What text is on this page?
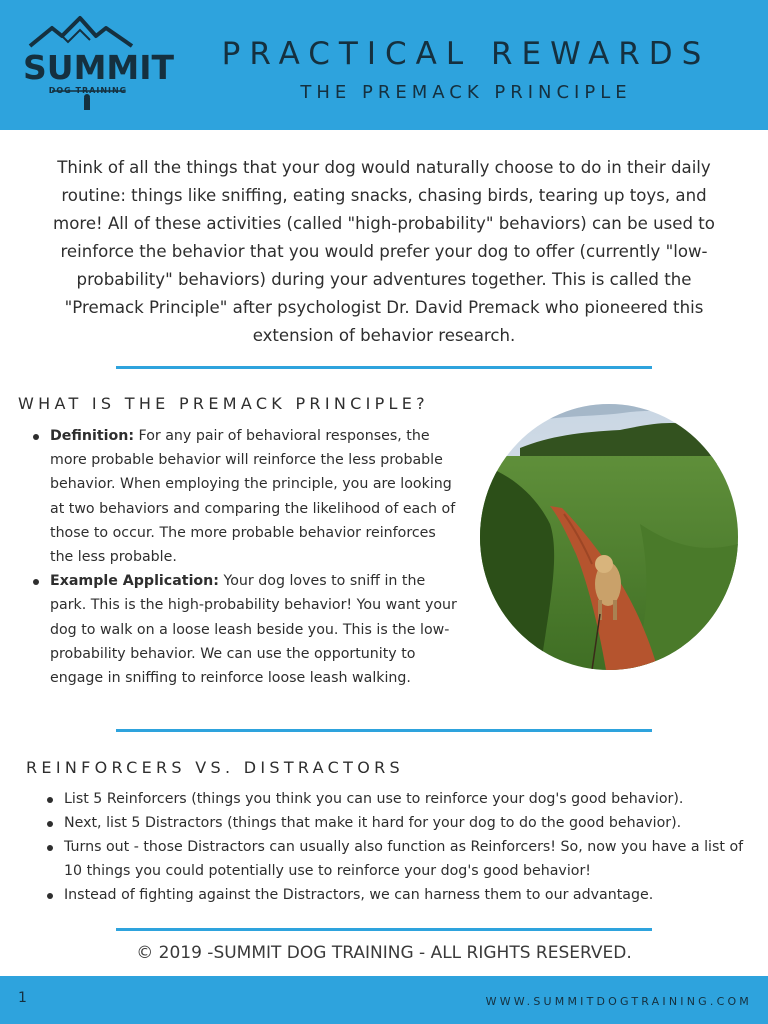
SUMMIT
DOG TRAINING
PRACTICAL REWARDS
THE PREMACK PRINCIPLE

Think of all the things that your dog would naturally choose to do in their daily routine: things like sniffing, eating snacks, chasing birds, tearing up toys, and more! All of these activities (called "high-probability" behaviors) can be used to reinforce the behavior that you would prefer your dog to offer (currently "low-probability" behaviors) during your adventures together. This is called the "Premack Principle" after psychologist Dr. David Premack who pioneered this extension of behavior research.

WHAT IS THE PREMACK PRINCIPLE?
Definition: For any pair of behavioral responses, the more probable behavior will reinforce the less probable behavior. When employing the principle, you are looking at two behaviors and comparing the likelihood of each of those to occur. The more probable behavior reinforces the less probable.
Example Application: Your dog loves to sniff in the park. This is the high-probability behavior! You want your dog to walk on a loose leash beside you. This is the low-probability behavior. We can use the opportunity to engage in sniffing to reinforce loose leash walking.
REINFORCERS VS. DISTRACTORS
List 5 Reinforcers (things you think you can use to reinforce your dog's good behavior).
Next, list 5 Distractors (things that make it hard for your dog to do the good behavior).
Turns out - those Distractors can usually also function as Reinforcers! So, now you have a list of 10 things you could potentially use to reinforce your dog's good behavior!
Instead of fighting against the Distractors, we can harness them to our advantage.
© 2019 -SUMMIT DOG TRAINING - ALL RIGHTS RESERVED.
1	WWW.SUMMITDOGTRAINING.COM
